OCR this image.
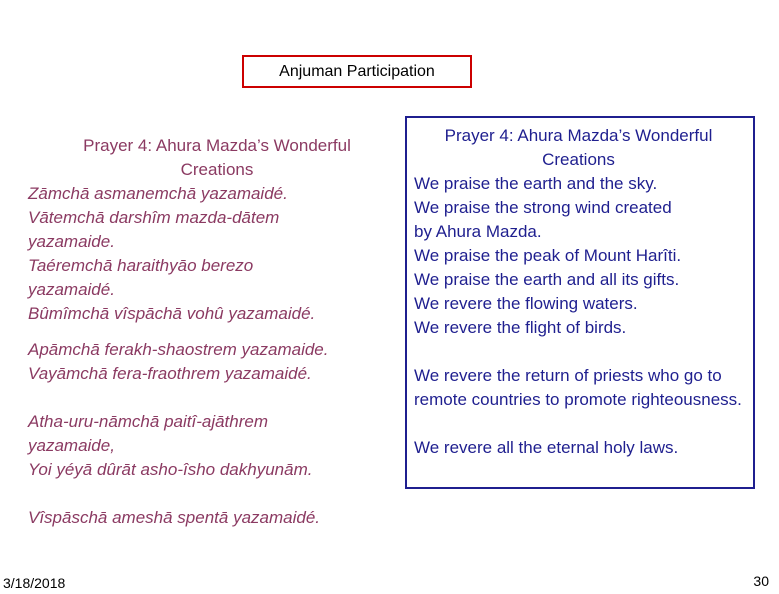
Anjuman Participation
Prayer 4: Ahura Mazda’s Wonderful
Creations
Zāmchā asmanemchā yazamaidé.
Vātemchā darshîm mazda-dātem
yazamaide.
Taéremchā haraithyāo berezo
yazamaidé.
Bûmîmchā vîspāchā vohû yazamaidé.
Apāmchā ferakh-shaostrem yazamaide.
Vayāmchā fera-fraothrem yazamaidé.
Atha-uru-nāmchā paitî-ajāthrem
yazamaide,
Yoi yéyā dûrāt asho-îsho dakhyunām.
Vîspāschā ameshā spentā yazamaidé.
Prayer 4: Ahura Mazda’s Wonderful
Creations
We praise the earth and the sky.
We praise the strong wind created
by Ahura Mazda.
We praise the peak of Mount Harîti.
We praise the earth and all its gifts.
We revere the flowing waters.
We revere the flight of birds.
We revere the return of priests who go to remote countries to promote righteousness.
We revere all the eternal holy laws.
3/18/2018	30
